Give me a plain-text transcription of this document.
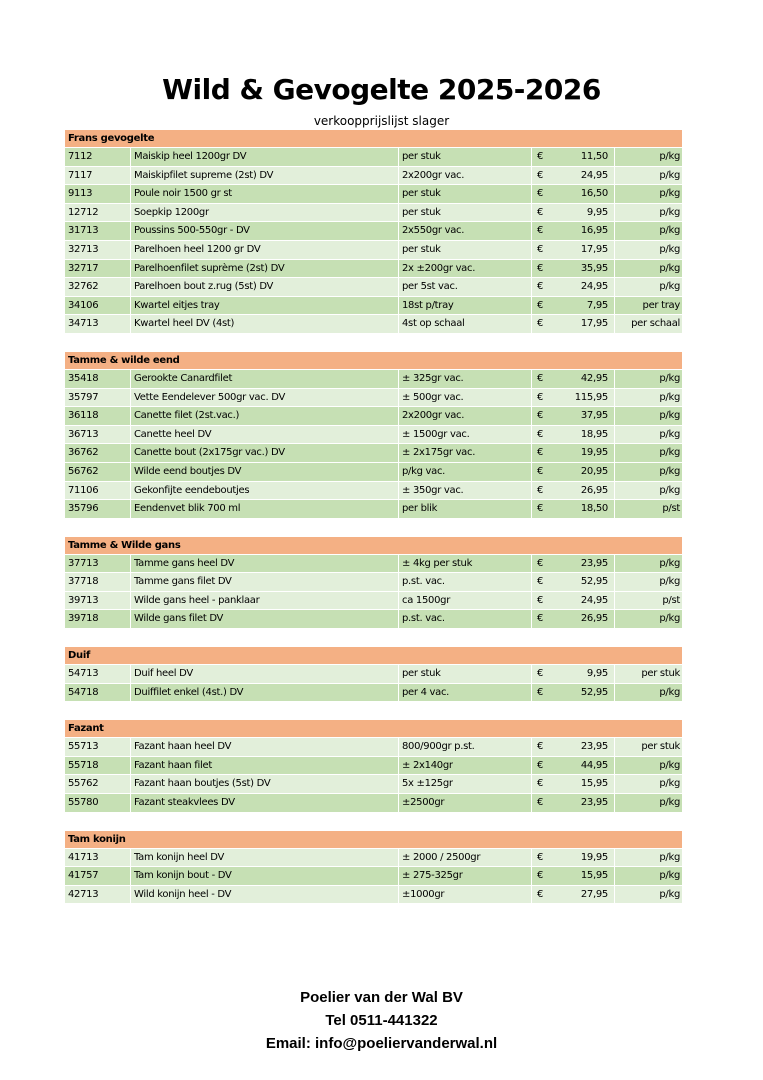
Wild & Gevogelte 2025-2026
verkoopprijslijst slager
Frans gevogelte
7112	Maiskip heel 1200gr DV	per stuk	€	11,50	p/kg
7117	Maiskipfilet supreme (2st) DV	2x200gr vac.	€	24,95	p/kg
9113	Poule noir 1500 gr st	per stuk	€	16,50	p/kg
12712	Soepkip 1200gr	per stuk	€	9,95	p/kg
31713	Poussins 500-550gr - DV	2x550gr vac.	€	16,95	p/kg
32713	Parelhoen heel 1200 gr DV	per stuk	€	17,95	p/kg
32717	Parelhoenfilet suprème (2st) DV	2x ±200gr vac.	€	35,95	p/kg
32762	Parelhoen bout z.rug (5st) DV	per 5st vac.	€	24,95	p/kg
34106	Kwartel eitjes tray	18st p/tray	€	7,95	per tray
34713	Kwartel heel DV (4st)	4st op schaal	€	17,95	per schaal
Tamme & wilde eend
35418	Gerookte Canardfilet	± 325gr vac.	€	42,95	p/kg
35797	Vette Eendelever 500gr vac. DV	± 500gr vac.	€	115,95	p/kg
36118	Canette filet (2st.vac.)	2x200gr vac.	€	37,95	p/kg
36713	Canette heel DV	± 1500gr vac.	€	18,95	p/kg
36762	Canette bout (2x175gr vac.) DV	± 2x175gr vac.	€	19,95	p/kg
56762	Wilde eend boutjes DV	p/kg vac.	€	20,95	p/kg
71106	Gekonfijte eendeboutjes	± 350gr vac.	€	26,95	p/kg
35796	Eendenvet blik 700 ml	per blik	€	18,50	p/st
Tamme & Wilde gans
37713	Tamme gans heel DV	± 4kg per stuk	€	23,95	p/kg
37718	Tamme gans filet DV	p.st. vac.	€	52,95	p/kg
39713	Wilde gans heel - panklaar	ca 1500gr	€	24,95	p/st
39718	Wilde gans filet DV	p.st. vac.	€	26,95	p/kg
Duif
54713	Duif heel DV	per stuk	€	9,95	per stuk
54718	Duiffilet enkel (4st.) DV	per 4 vac.	€	52,95	p/kg
Fazant
55713	Fazant haan heel DV	800/900gr p.st.	€	23,95	per stuk
55718	Fazant haan filet	± 2x140gr	€	44,95	p/kg
55762	Fazant haan boutjes (5st) DV	5x ±125gr	€	15,95	p/kg
55780	Fazant steakvlees DV	±2500gr	€	23,95	p/kg
Tam konijn
41713	Tam konijn heel DV	± 2000 / 2500gr	€	19,95	p/kg
41757	Tam konijn bout - DV	± 275-325gr	€	15,95	p/kg
42713	Wild konijn heel - DV	±1000gr	€	27,95	p/kg
Poelier van der Wal BV
Tel 0511-441322
Email: info@poeliervanderwal.nl
